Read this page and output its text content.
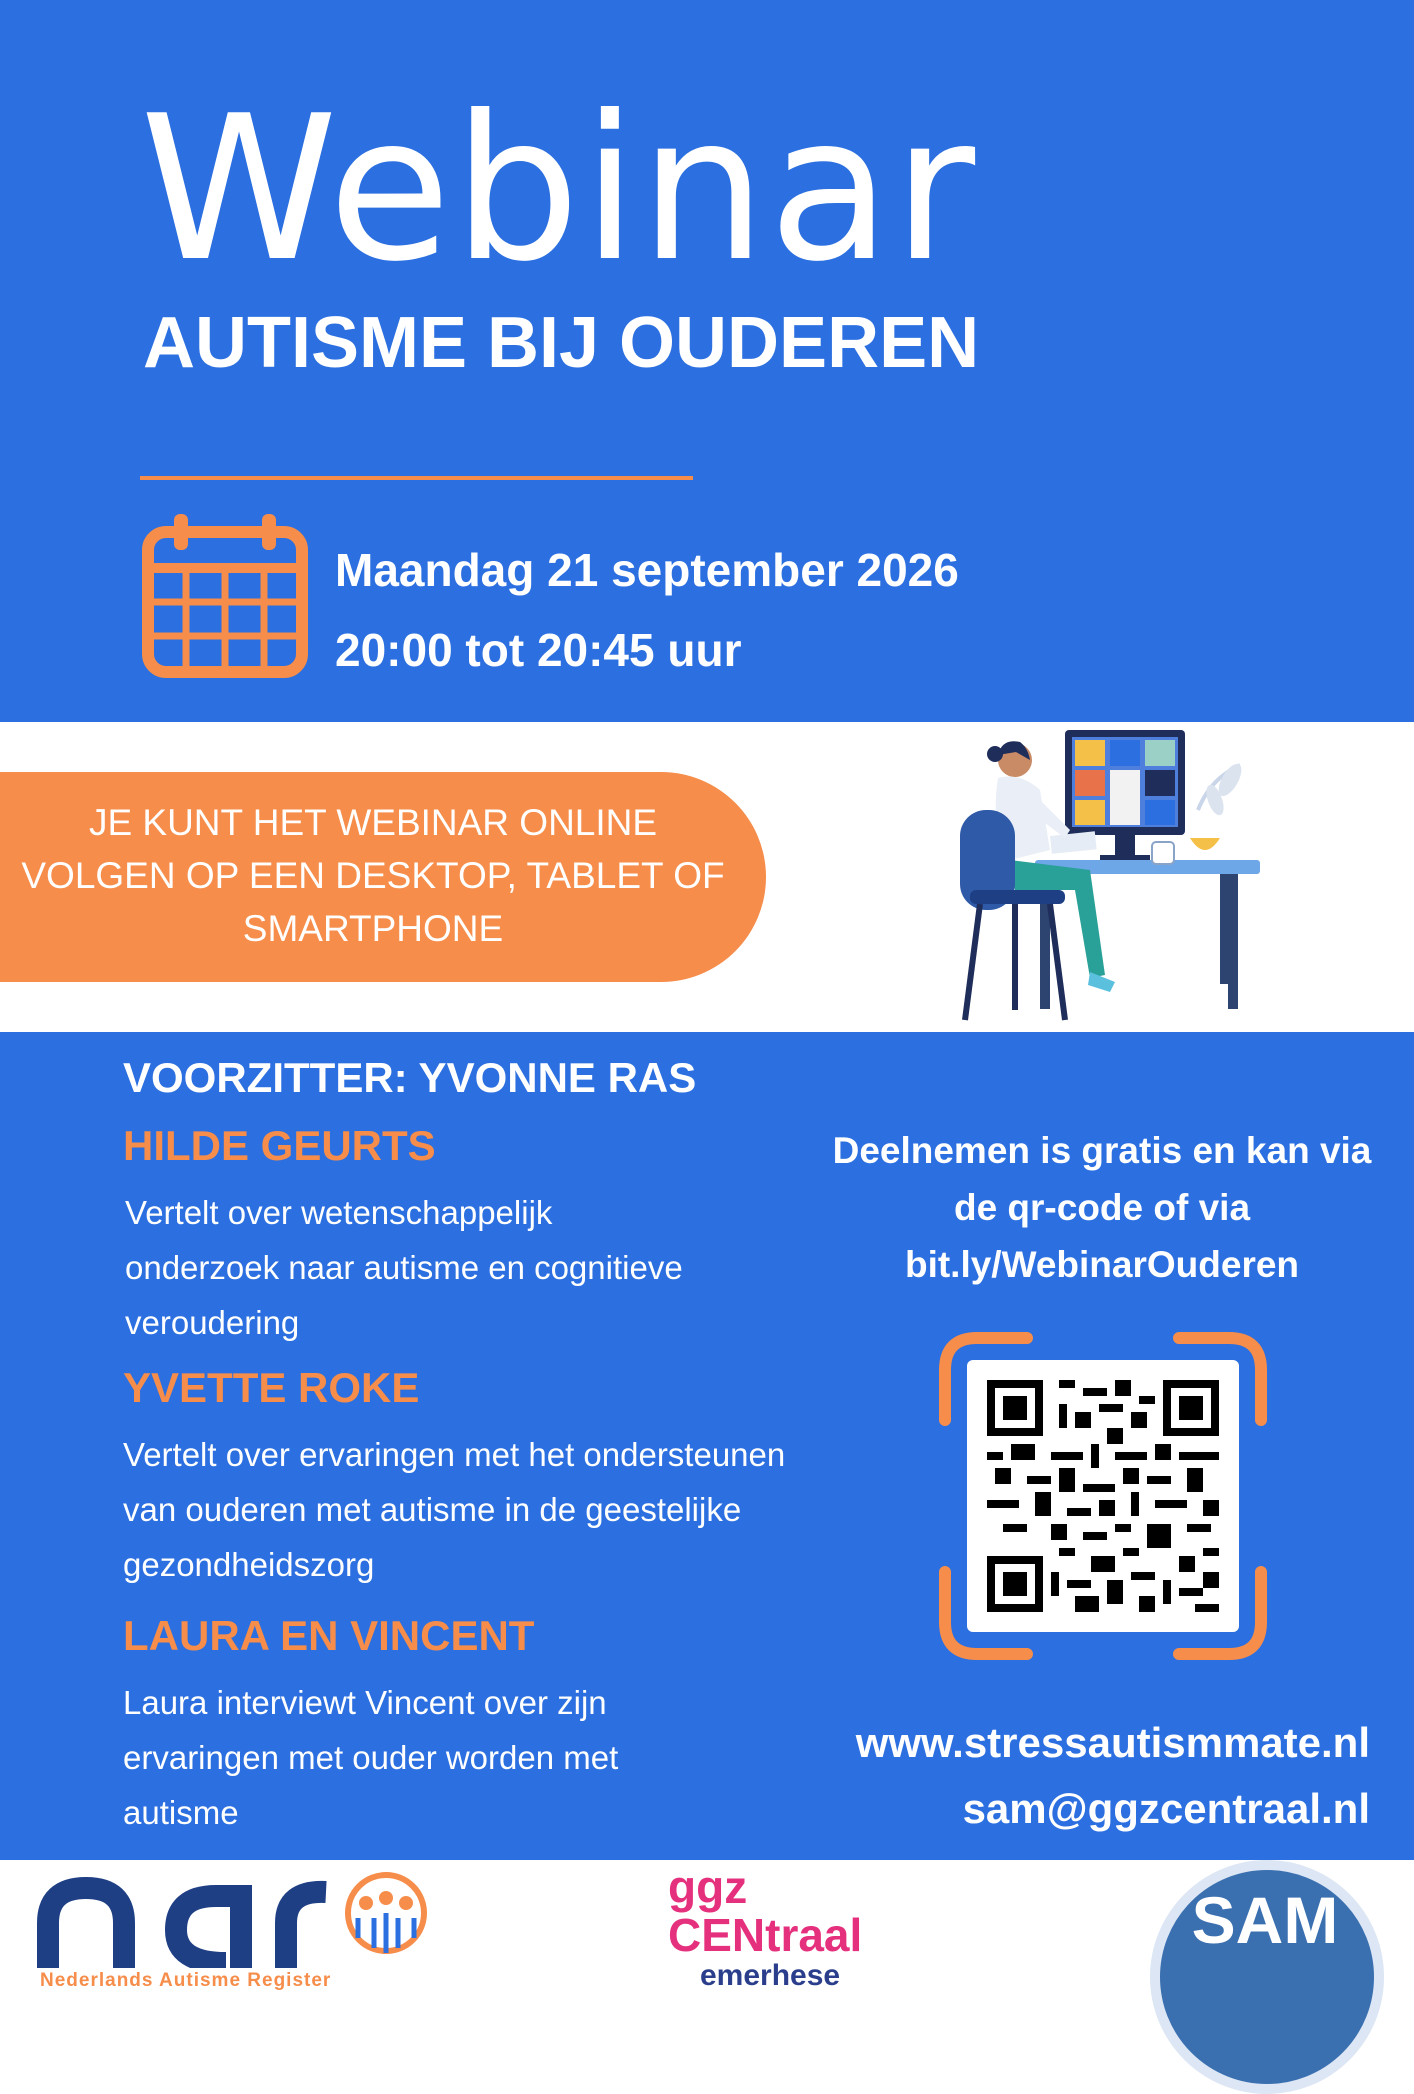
Webinar
AUTISME BIJ OUDEREN
Maandag 21 september 2026
20:00 tot 20:45 uur
JE KUNT HET WEBINAR ONLINE VOLGEN OP EEN DESKTOP, TABLET OF SMARTPHONE
VOORZITTER: YVONNE RAS
HILDE GEURTS
Vertelt over wetenschappelijk onderzoek naar autisme en cognitieve veroudering
YVETTE ROKE
Vertelt over ervaringen met het ondersteunen van ouderen met autisme in de geestelijke gezondheidszorg
LAURA EN VINCENT
Laura interviewt Vincent over zijn ervaringen met ouder worden met autisme
Deelnemen is gratis en kan via de qr-code of via bit.ly/WebinarOuderen
www.stressautismmate.nl
sam@ggzcentraal.nl
Nederlands Autisme Register
ggz
CENtraal
emerhese
SAM
